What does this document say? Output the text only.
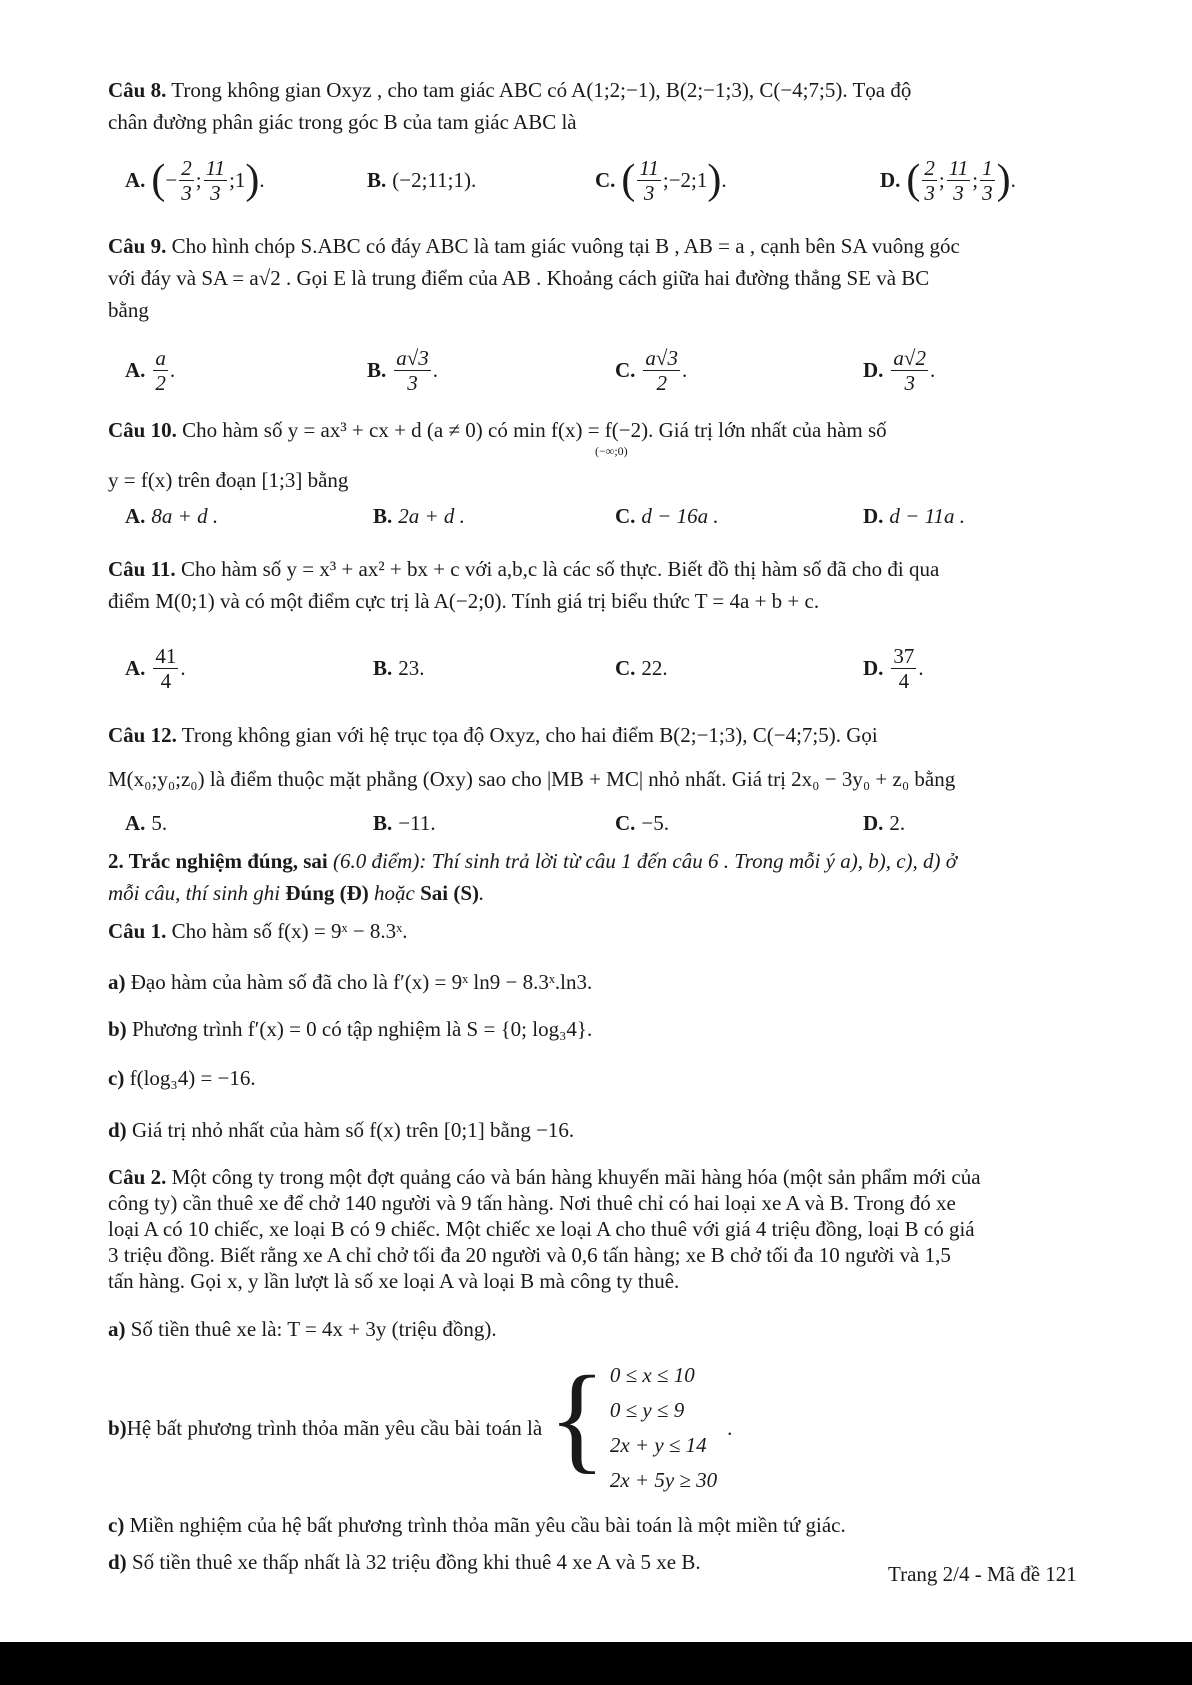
Câu 8. Trong không gian Oxyz , cho tam giác ABC có A(1;2;−1), B(2;−1;3), C(−4;7;5). Tọa độ
chân đường phân giác trong góc B của tam giác ABC là
A. ( − $\frac{2}{3}$ ; $\frac{11}{3}$ ;1 ) .	B. (−2;11;1).	C. ( $\frac{11}{3}$ ;−2;1 ) .	D. ( $\frac{2}{3}$ ; $\frac{11}{3}$ ; $\frac{1}{3}$ ) .
Câu 9. Cho hình chóp S.ABC có đáy ABC là tam giác vuông tại B , AB = a , cạnh bên SA vuông góc
với đáy và SA = a√2 . Gọi E là trung điểm của AB . Khoảng cách giữa hai đường thẳng SE và BC
bằng
A. $\frac{a}{2}$ .	B. $\frac{a√3}{3}$ .	C. $\frac{a√3}{2}$ .	D. $\frac{a√2}{3}$ .
Câu 10. Cho hàm số y = ax³ + cx + d (a ≠ 0) có min f(x) = f(−2). Giá trị lớn nhất của hàm số
(−∞;0)
y = f(x) trên đoạn [1;3] bằng
A. 8a + d .	B. 2a + d .	C. d − 16a .	D. d − 11a .
Câu 11. Cho hàm số y = x³ + ax² + bx + c với a,b,c là các số thực. Biết đồ thị hàm số đã cho đi qua
điểm M(0;1) và có một điểm cực trị là A(−2;0). Tính giá trị biểu thức T = 4a + b + c.
A. $\frac{41}{4}$ .	B. 23.	C. 22.	D. $\frac{37}{4}$ .
Câu 12. Trong không gian với hệ trục tọa độ Oxyz, cho hai điểm B(2;−1;3), C(−4;7;5). Gọi
M(x₀;y₀;z₀) là điểm thuộc mặt phẳng (Oxy) sao cho |MB + MC| nhỏ nhất. Giá trị 2x₀ − 3y₀ + z₀ bằng
A. 5.	B. −11.	C. −5.	D. 2.
2. Trắc nghiệm đúng, sai (6.0 điểm): Thí sinh trả lời từ câu 1 đến câu 6 . Trong mỗi ý a), b), c), d) ở
mỗi câu, thí sinh ghi Đúng (Đ) hoặc Sai (S).
Câu 1. Cho hàm số f(x) = 9ˣ − 8.3ˣ.
a) Đạo hàm của hàm số đã cho là f′(x) = 9ˣ ln9 − 8.3ˣ.ln3.
b) Phương trình f′(x) = 0 có tập nghiệm là S = {0; log₃4}.
c) f(log₃4) = −16.
d) Giá trị nhỏ nhất của hàm số f(x) trên [0;1] bằng −16.
Câu 2. Một công ty trong một đợt quảng cáo và bán hàng khuyến mãi hàng hóa (một sản phẩm mới của
công ty) cần thuê xe để chở 140 người và 9 tấn hàng. Nơi thuê chỉ có hai loại xe A và B. Trong đó xe
loại A có 10 chiếc, xe loại B có 9 chiếc. Một chiếc xe loại A cho thuê với giá 4 triệu đồng, loại B có giá
3 triệu đồng. Biết rằng xe A chỉ chở tối đa 20 người và 0,6 tấn hàng; xe B chở tối đa 10 người và 1,5
tấn hàng. Gọi x, y lần lượt là số xe loại A và loại B mà công ty thuê.
a) Số tiền thuê xe là: T = 4x + 3y (triệu đồng).
b) Hệ bất phương trình thỏa mãn yêu cầu bài toán là { 0 ≤ x ≤ 10
0 ≤ y ≤ 9
2x + y ≤ 14
2x + 5y ≥ 30
.
c) Miền nghiệm của hệ bất phương trình thỏa mãn yêu cầu bài toán là một miền tứ giác.
d) Số tiền thuê xe thấp nhất là 32 triệu đồng khi thuê 4 xe A và 5 xe B.	Trang 2/4 - Mã đề 121
